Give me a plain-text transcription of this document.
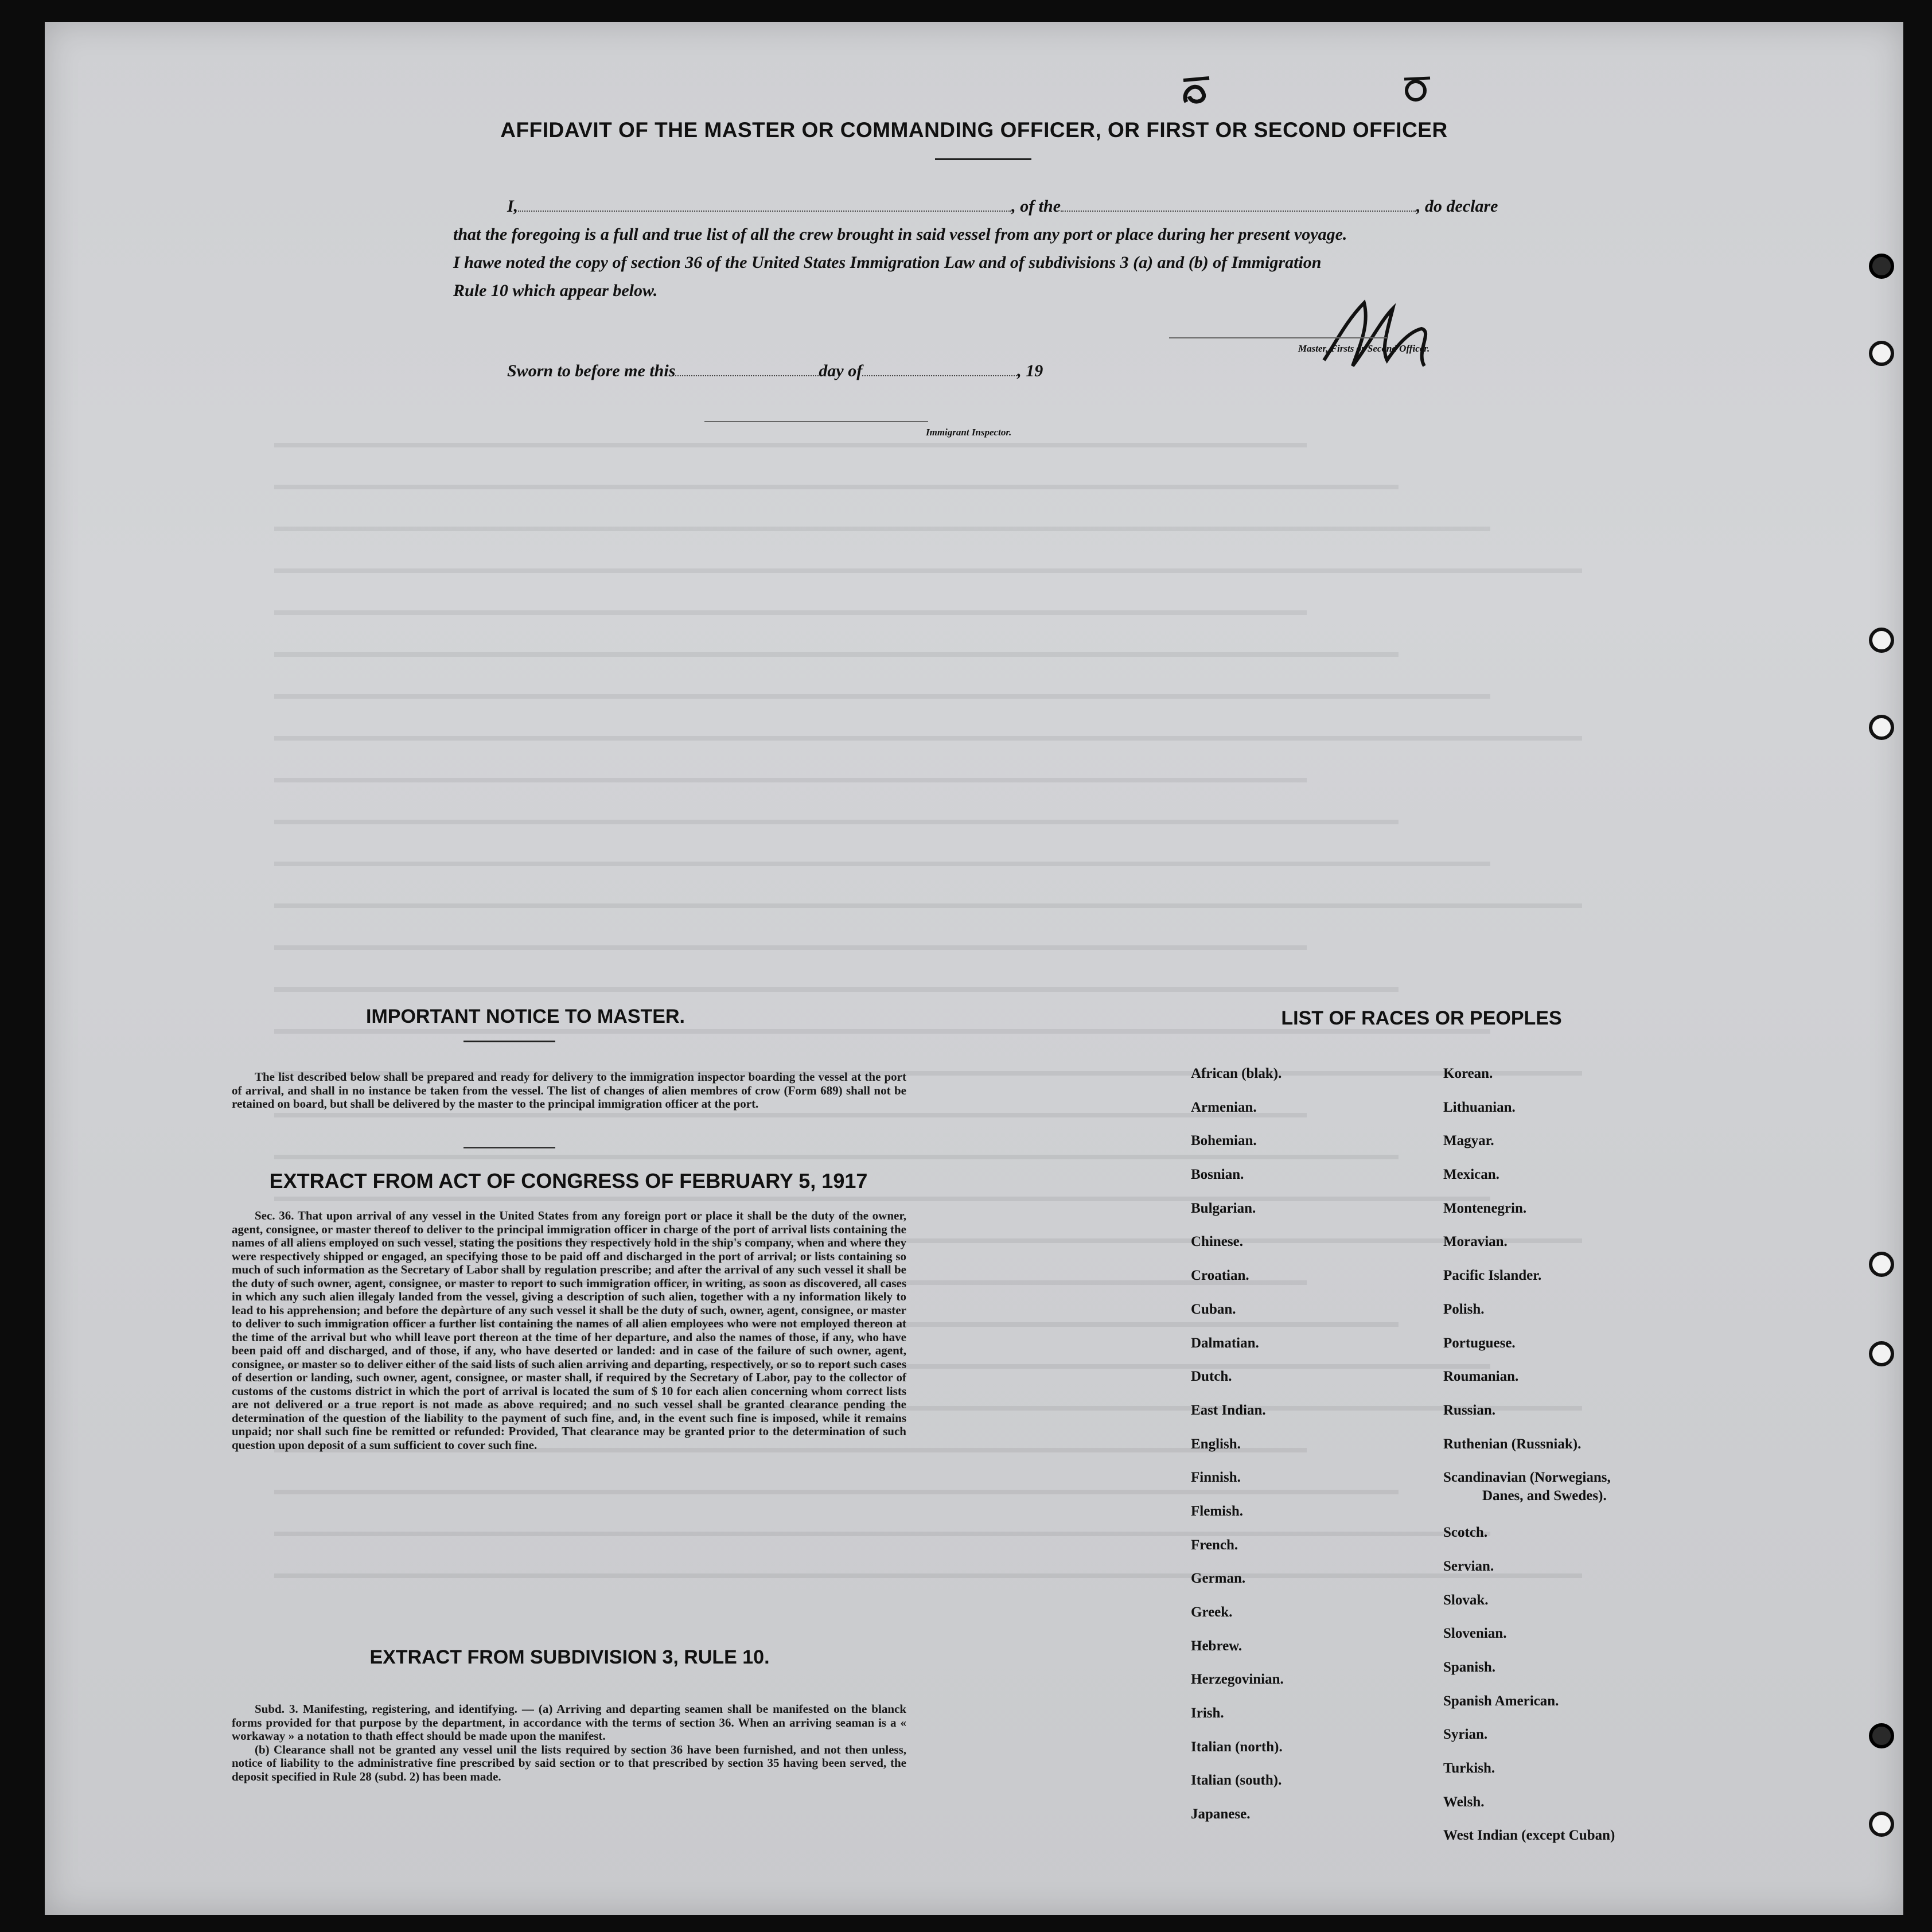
AFFIDAVIT OF THE MASTER OR COMMANDING OFFICER, OR FIRST OR SECOND OFFICER
I,	, of the	, do declare
that the foregoing is a full and true list of all the crew brought in said vessel from any port or place during her present voyage.
I hawe noted the copy of section 36 of the United States Immigration Law and of subdivisions 3 (a) and (b) of Immigration
Rule 10 which appear below.
Master, Firsts or Second Officer.
Sworn to before me this	day of	, 19
Immigrant Inspector.
IMPORTANT NOTICE TO MASTER.

The list described below shall be prepared and ready for delivery to the immigration inspector boarding the vessel at the port of arrival, and shall in no instance be taken from the vessel. The list of changes of alien membres of crow (Form 689) shall not be retained on board, but shall be delivered by the master to the principal immigration officer at the port.

EXTRACT FROM ACT OF CONGRESS OF FEBRUARY 5, 1917

Sec. 36. That upon arrival of any vessel in the United States from any foreign port or place it shall be the duty of the owner, agent, consignee, or master thereof to deliver to the principal immigration officer in charge of the port of arrival lists containing the names of all aliens employed on such vessel, stating the positions they respectively hold in the ship's company, when and where they were respectively shipped or engaged, an specifying those to be paid off and discharged in the port of arrival; or lists containing so much of such information as the Secretary of Labor shall by regulation prescribe; and after the arrival of any such vessel it shall be the duty of such owner, agent, consignee, or master to report to such immigration officer, in writing, as soon as discovered, all cases in which any such alien illegaly landed from the vessel, giving a description of such alien, together with a ny information likely to lead to his apprehension; and before the depàrture of any such vessel it shall be the duty of such, owner, agent, consignee, or master to deliver to such immigration officer a further list containing the names of all alien employees who were not employed thereon at the time of the arrival but who whill leave port thereon at the time of her departure, and also the names of those, if any, who have been paid off and discharged, and of those, if any, who have deserted or landed: and in case of the failure of such owner, agent, consignee, or master so to deliver either of the said lists of such alien arriving and departing, respectively, or so to report such cases of desertion or landing, such owner, agent, consignee, or master shall, if required by the Secretary of Labor, pay to the collector of customs of the customs district in which the port of arrival is located the sum of $ 10 for each alien concerning whom correct lists are not delivered or a true report is not made as above required; and no such vessel shall be granted clearance pending the determination of the question of the liability to the payment of such fine, and, in the event such fine is imposed, while it remains unpaid; nor shall such fine be remitted or refunded: Provided, That clearance may be granted prior to the determination of such question upon deposit of a sum sufficient to cover such fine.

EXTRACT FROM SUBDIVISION 3, RULE 10.

Subd. 3. Manifesting, registering, and identifying. — (a) Arriving and departing seamen shall be manifested on the blanck forms provided for that purpose by the department, in accordance with the terms of section 36. When an arriving seaman is a « workaway » a notation to thath effect should be made upon the manifest.

(b) Clearance shall not be granted any vessel unil the lists required by section 36 have been furnished, and not then unless, notice of liability to the administrative fine prescribed by said section or to that prescribed by section 35 having been served, the deposit specified in Rule 28 (subd. 2) has been made.

LIST OF RACES OR PEOPLES
African (blak).
Armenian.
Bohemian.
Bosnian.
Bulgarian.
Chinese.
Croatian.
Cuban.
Dalmatian.
Dutch.
East Indian.
English.
Finnish.
Flemish.
French.
German.
Greek.
Hebrew.
Herzegovinian.
Irish.
Italian (north).
Italian (south).
Japanese.
Korean.
Lithuanian.
Magyar.
Mexican.
Montenegrin.
Moravian.
Pacific Islander.
Polish.
Portuguese.
Roumanian.
Russian.
Ruthenian (Russniak).
Scandinavian (Norwegians,
Danes, and Swedes).
Scotch.
Servian.
Slovak.
Slovenian.
Spanish.
Spanish American.
Syrian.
Turkish.
Welsh.
West Indian (except Cuban)
